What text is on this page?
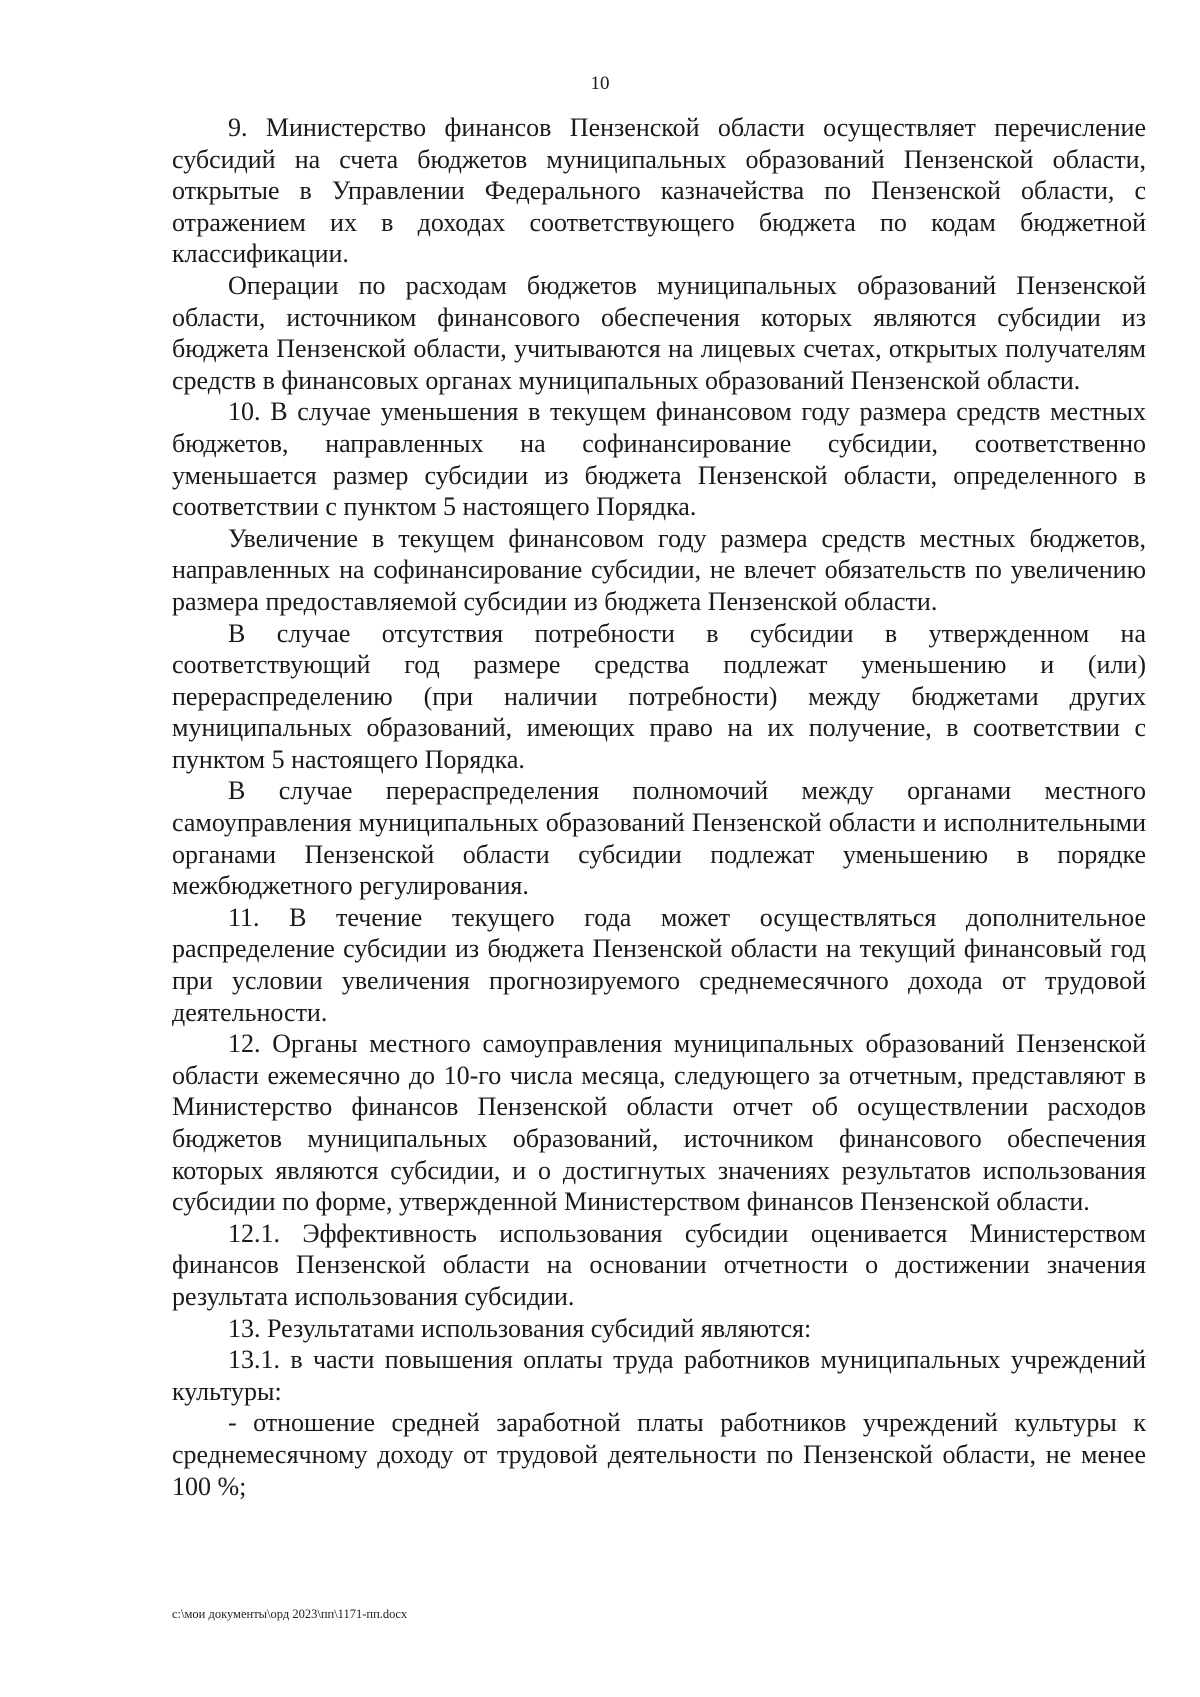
10

9. Министерство финансов Пензенской области осуществляет перечисление субсидий на счета бюджетов муниципальных образований Пензенской области, открытые в Управлении Федерального казначейства по Пензенской области, с отражением их в доходах соответствующего бюджета по кодам бюджетной классификации.

Операции по расходам бюджетов муниципальных образований Пензенской области, источником финансового обеспечения которых являются субсидии из бюджета Пензенской области, учитываются на лицевых счетах, открытых получателям средств в финансовых органах муниципальных образований Пензенской области.

10. В случае уменьшения в текущем финансовом году размера средств местных бюджетов, направленных на софинансирование субсидии, соответственно уменьшается размер субсидии из бюджета Пензенской области, определенного в соответствии с пунктом 5 настоящего Порядка.

Увеличение в текущем финансовом году размера средств местных бюджетов, направленных на софинансирование субсидии, не влечет обязательств по увеличению размера предоставляемой субсидии из бюджета Пензенской области.

В случае отсутствия потребности в субсидии в утвержденном на соответствующий год размере средства подлежат уменьшению и (или) перераспределению (при наличии потребности) между бюджетами других муниципальных образований, имеющих право на их получение, в соответствии с пунктом 5 настоящего Порядка.

В случае перераспределения полномочий между органами местного самоуправления муниципальных образований Пензенской области и исполнительными органами Пензенской области субсидии подлежат уменьшению в порядке межбюджетного регулирования.

11. В течение текущего года может осуществляться дополнительное распределение субсидии из бюджета Пензенской области на текущий финансовый год при условии увеличения прогнозируемого среднемесячного дохода от трудовой деятельности.

12. Органы местного самоуправления муниципальных образований Пензенской области ежемесячно до 10-го числа месяца, следующего за отчетным, представляют в Министерство финансов Пензенской области отчет об осуществлении расходов бюджетов муниципальных образований, источником финансового обеспечения которых являются субсидии, и о достигнутых значениях результатов использования субсидии по форме, утвержденной Министерством финансов Пензенской области.

12.1. Эффективность использования субсидии оценивается Министерством финансов Пензенской области на основании отчетности о достижении значения результата использования субсидии.

13. Результатами использования субсидий являются:

13.1. в части повышения оплаты труда работников муниципальных учреждений культуры:

- отношение средней заработной платы работников учреждений культуры к среднемесячному доходу от трудовой деятельности по Пензенской области, не менее 100 %;

c:\мои документы\орд 2023\пп\1171-пп.docx
